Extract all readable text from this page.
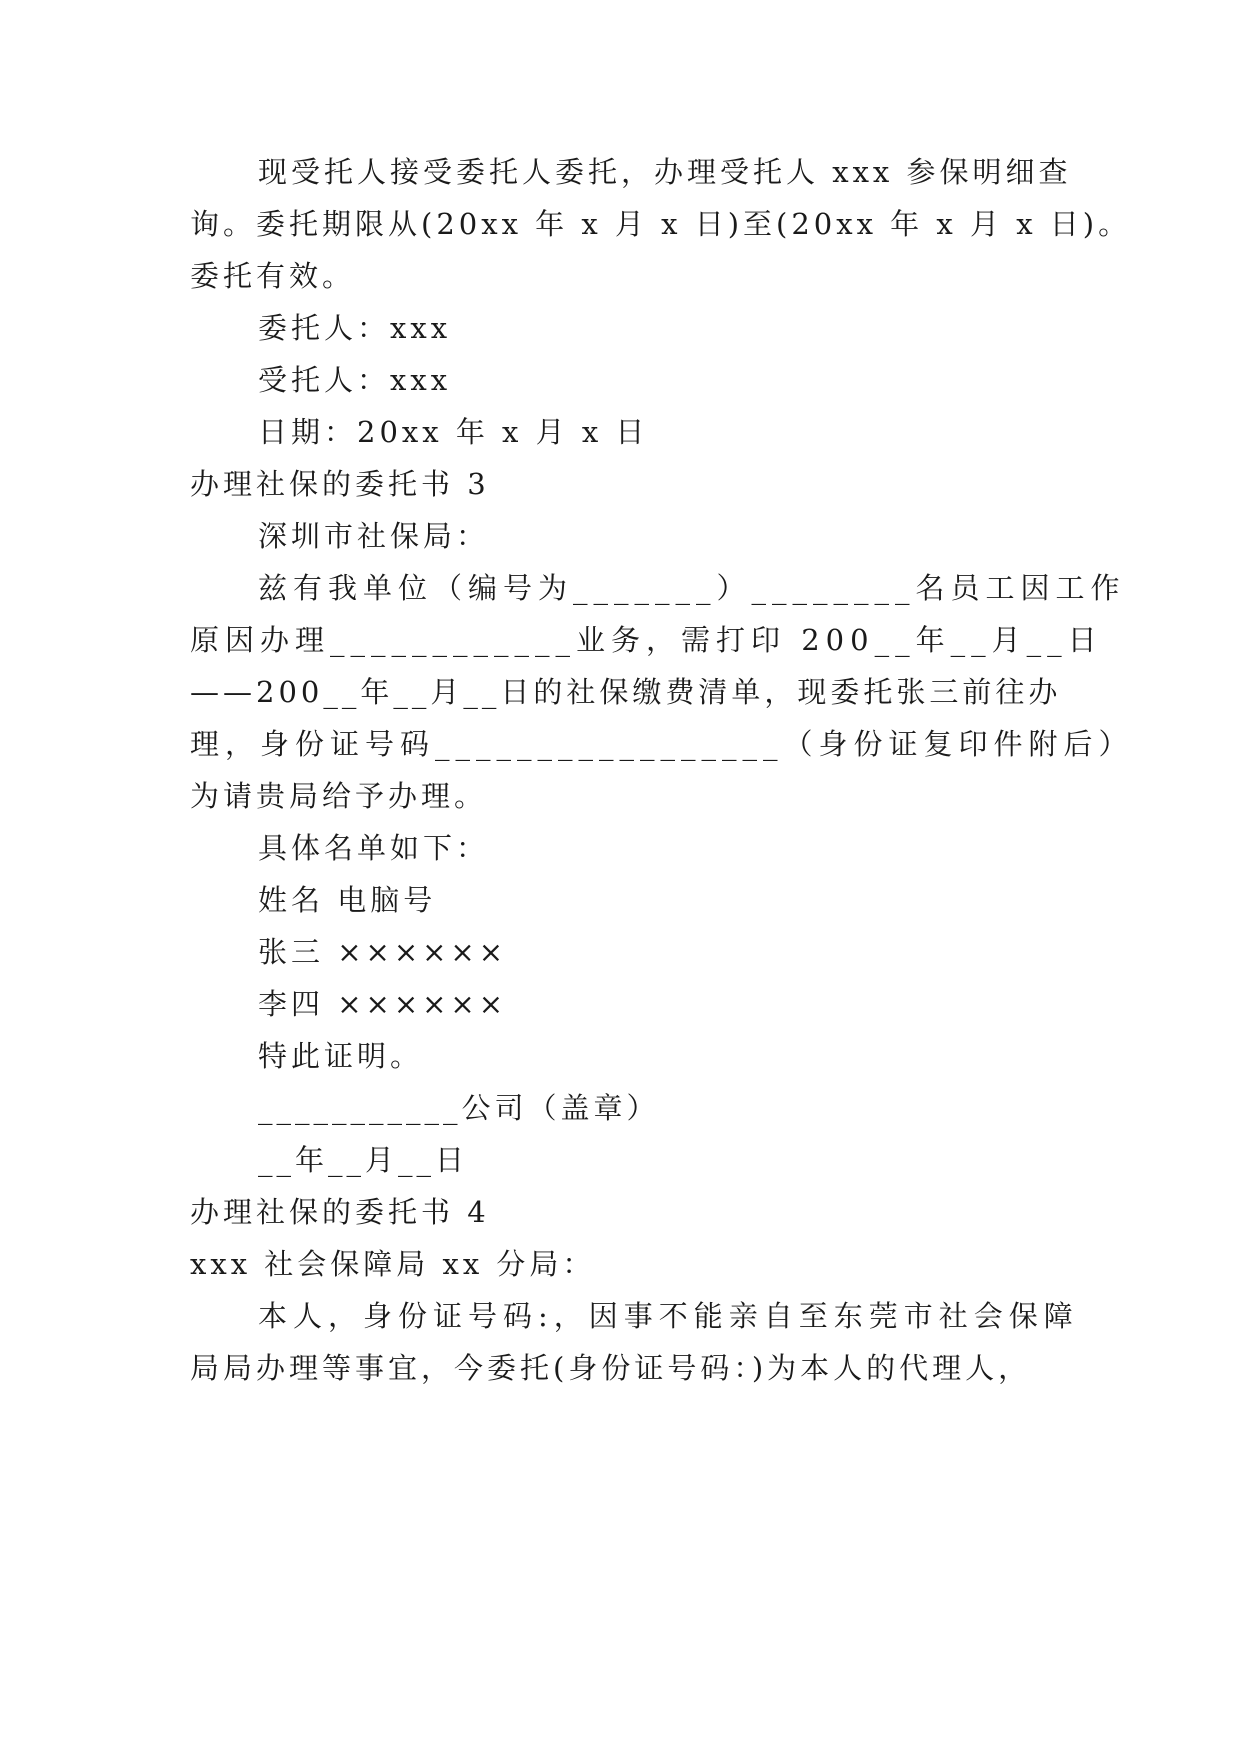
现受托人接受委托人委托，办理受托人 xxx 参保明细查
询。委托期限从(20xx 年 x 月 x 日)至(20xx 年 x 月 x 日)。
委托有效。
委托人：xxx
受托人：xxx
日期：20xx 年 x 月 x 日
办理社保的委托书 3
深圳市社保局：
兹有我单位（编号为_______）________名员工因工作
原因办理____________业务，需打印 200__年__月__日
——200__年__月__日的社保缴费清单，现委托张三前往办
理，身份证号码_________________（身份证复印件附后）
为请贵局给予办理。
具体名单如下：
姓名 电脑号
张三 ××××××
李四 ××××××
特此证明。
___________公司（盖章）
__年__月__日
办理社保的委托书 4
xxx 社会保障局 xx 分局：
本人，身份证号码:，因事不能亲自至东莞市社会保障
局局办理等事宜，今委托(身份证号码：)为本人的代理人，
